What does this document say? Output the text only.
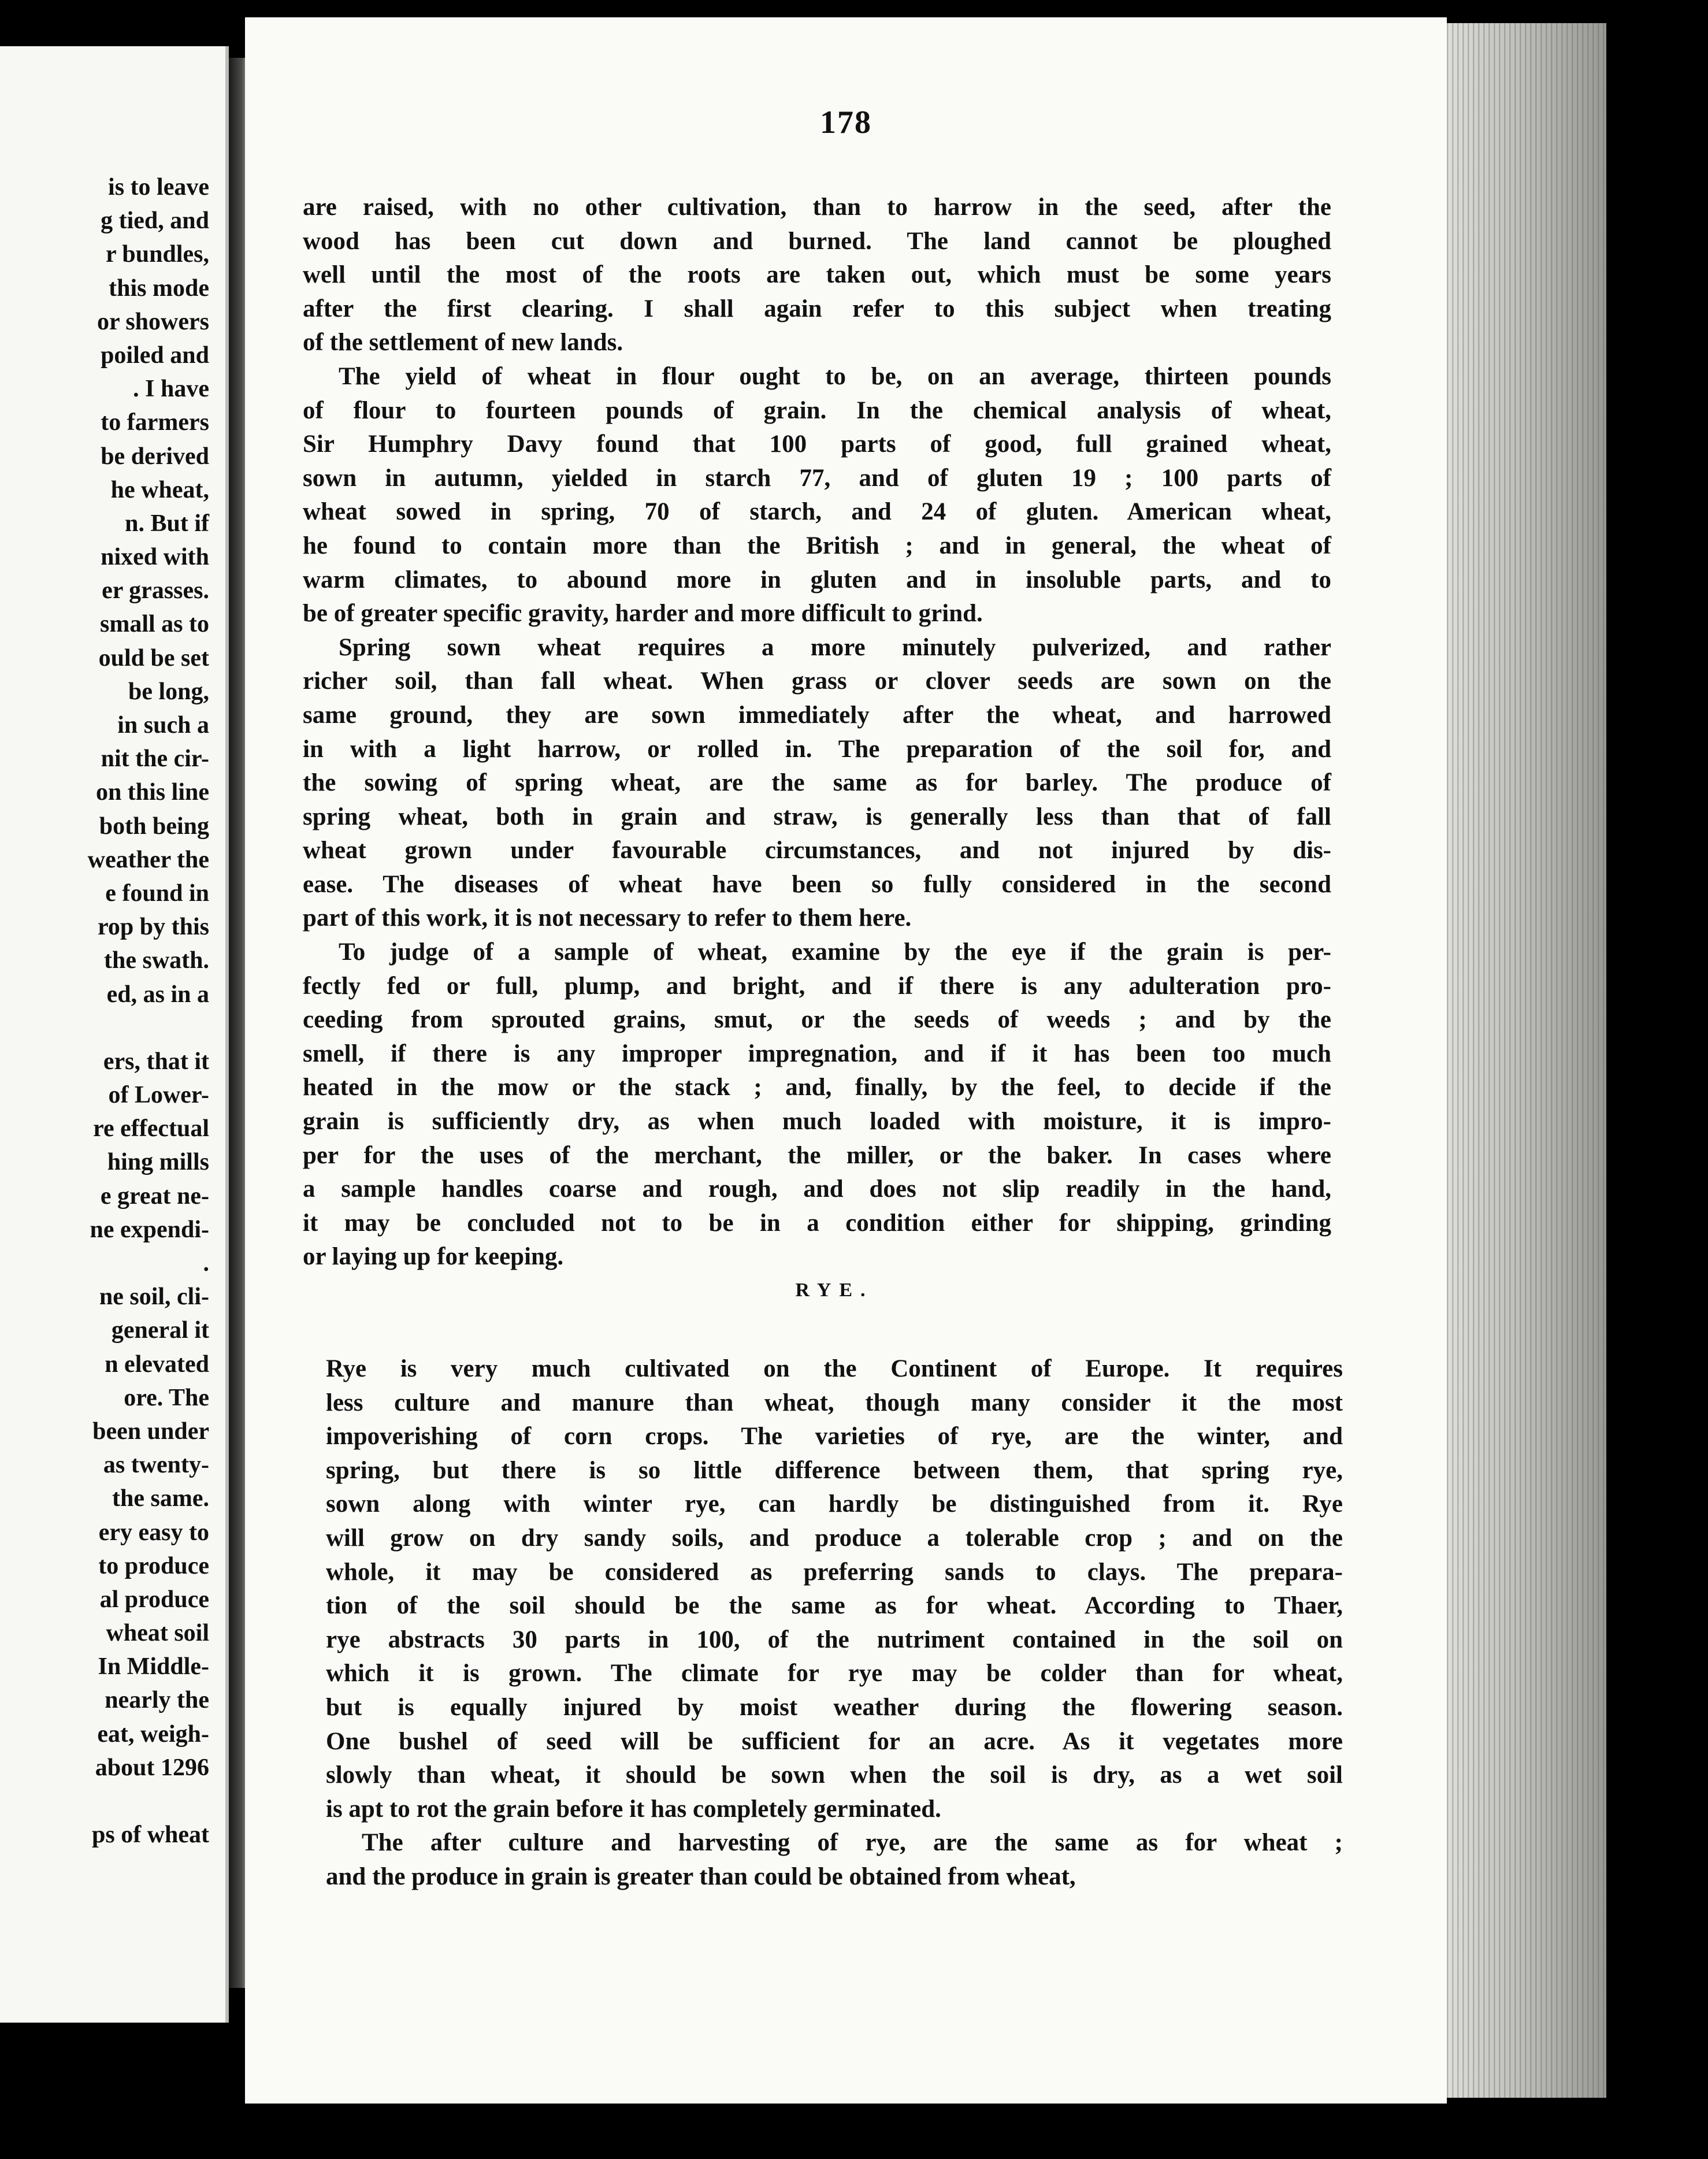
is to leave
g tied, and
r bundles,
this mode
or showers
poiled and
. I have
to farmers
be derived
he wheat,
n. But if
nixed with
er grasses.
small as to
ould be set
be long,
in such a
nit the cir-
on this line
both being
weather the
e found in
rop by this
the swath.
ed, as in a
ers, that it
of Lower-
re effectual
hing mills
e great ne-
ne expendi-
.
ne soil, cli-
general it
n elevated
ore. The
been under
as twenty-
the same.
ery easy to
to produce
al produce
wheat soil
In Middle-
nearly the
eat, weigh-
about 1296
ps of wheat
178
are raised, with no other cultivation, than to harrow in the seed, after the
wood has been cut down and burned. The land cannot be ploughed
well until the most of the roots are taken out, which must be some years
after the first clearing. I shall again refer to this subject when treating
of the settlement of new lands.
The yield of wheat in flour ought to be, on an average, thirteen pounds
of flour to fourteen pounds of grain. In the chemical analysis of wheat,
Sir Humphry Davy found that 100 parts of good, full grained wheat,
sown in autumn, yielded in starch 77, and of gluten 19 ; 100 parts of
wheat sowed in spring, 70 of starch, and 24 of gluten. American wheat,
he found to contain more than the British ; and in general, the wheat of
warm climates, to abound more in gluten and in insoluble parts, and to
be of greater specific gravity, harder and more difficult to grind.
Spring sown wheat requires a more minutely pulverized, and rather
richer soil, than fall wheat. When grass or clover seeds are sown on the
same ground, they are sown immediately after the wheat, and harrowed
in with a light harrow, or rolled in. The preparation of the soil for, and
the sowing of spring wheat, are the same as for barley. The produce of
spring wheat, both in grain and straw, is generally less than that of fall
wheat grown under favourable circumstances, and not injured by dis-
ease. The diseases of wheat have been so fully considered in the second
part of this work, it is not necessary to refer to them here.
To judge of a sample of wheat, examine by the eye if the grain is per-
fectly fed or full, plump, and bright, and if there is any adulteration pro-
ceeding from sprouted grains, smut, or the seeds of weeds ; and by the
smell, if there is any improper impregnation, and if it has been too much
heated in the mow or the stack ; and, finally, by the feel, to decide if the
grain is sufficiently dry, as when much loaded with moisture, it is impro-
per for the uses of the merchant, the miller, or the baker. In cases where
a sample handles coarse and rough, and does not slip readily in the hand,
it may be concluded not to be in a condition either for shipping, grinding
or laying up for keeping.
RYE.
Rye is very much cultivated on the Continent of Europe. It requires
less culture and manure than wheat, though many consider it the most
impoverishing of corn crops. The varieties of rye, are the winter, and
spring, but there is so little difference between them, that spring rye,
sown along with winter rye, can hardly be distinguished from it. Rye
will grow on dry sandy soils, and produce a tolerable crop ; and on the
whole, it may be considered as preferring sands to clays. The prepara-
tion of the soil should be the same as for wheat. According to Thaer,
rye abstracts 30 parts in 100, of the nutriment contained in the soil on
which it is grown. The climate for rye may be colder than for wheat,
but is equally injured by moist weather during the flowering season.
One bushel of seed will be sufficient for an acre. As it vegetates more
slowly than wheat, it should be sown when the soil is dry, as a wet soil
is apt to rot the grain before it has completely germinated.
The after culture and harvesting of rye, are the same as for wheat ;
and the produce in grain is greater than could be obtained from wheat,
